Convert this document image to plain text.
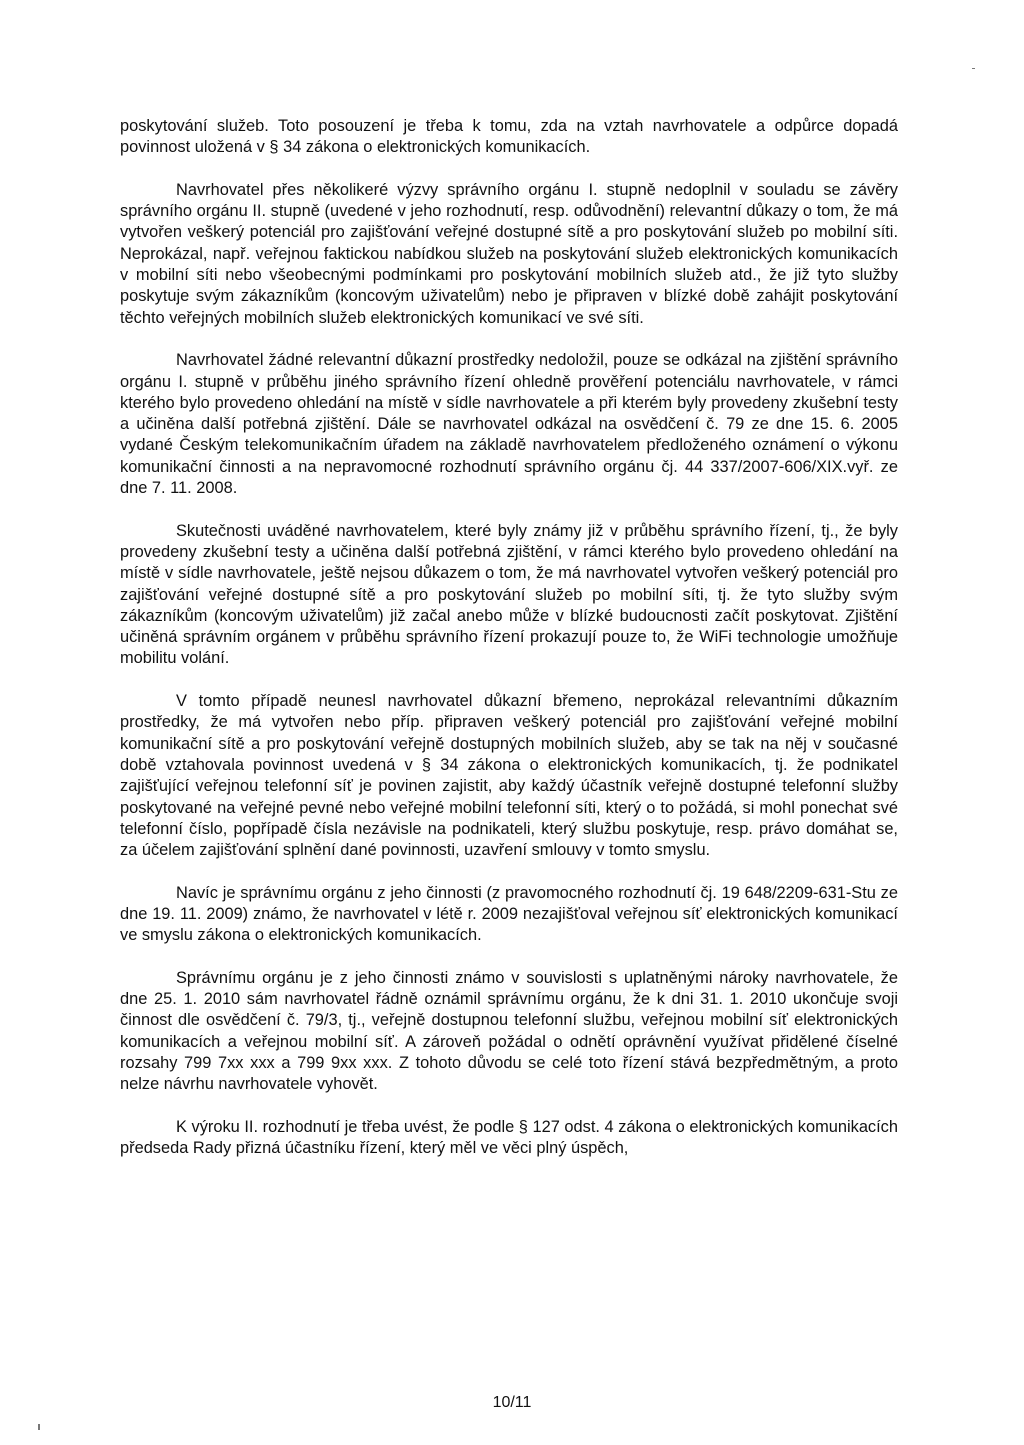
poskytování služeb. Toto posouzení je třeba k tomu, zda na vztah navrhovatele a odpůrce dopadá povinnost uložená v § 34 zákona o elektronických komunikacích.

Navrhovatel přes několikeré výzvy správního orgánu I. stupně nedoplnil v souladu se závěry správního orgánu II. stupně (uvedené v jeho rozhodnutí, resp. odůvodnění) relevantní důkazy o tom, že má vytvořen veškerý potenciál pro zajišťování veřejné dostupné sítě a pro poskytování služeb po mobilní síti. Neprokázal, např. veřejnou faktickou nabídkou služeb na poskytování služeb elektronických komunikacích v mobilní síti nebo všeobecnými podmínkami pro poskytování mobilních služeb atd., že již tyto služby poskytuje svým zákazníkům (koncovým uživatelům) nebo je připraven v blízké době zahájit poskytování těchto veřejných mobilních služeb elektronických komunikací ve své síti.

Navrhovatel žádné relevantní důkazní prostředky nedoložil, pouze se odkázal na zjištění správního orgánu I. stupně v průběhu jiného správního řízení ohledně prověření potenciálu navrhovatele, v rámci kterého bylo provedeno ohledání na místě v sídle navrhovatele a při kterém byly provedeny zkušební testy a učiněna další potřebná zjištění. Dále se navrhovatel odkázal na osvědčení č. 79 ze dne 15. 6. 2005 vydané Českým telekomunikačním úřadem na základě navrhovatelem předloženého oznámení o výkonu komunikační činnosti a na nepravomocné rozhodnutí správního orgánu čj. 44 337/2007-606/XIX.vyř. ze dne 7. 11. 2008.

Skutečnosti uváděné navrhovatelem, které byly známy již v průběhu správního řízení, tj., že byly provedeny zkušební testy a učiněna další potřebná zjištění, v rámci kterého bylo provedeno ohledání na místě v sídle navrhovatele, ještě nejsou důkazem o tom, že má navrhovatel vytvořen veškerý potenciál pro zajišťování veřejné dostupné sítě a pro poskytování služeb po mobilní síti, tj. že tyto služby svým zákazníkům (koncovým uživatelům) již začal anebo může v blízké budoucnosti začít poskytovat. Zjištění učiněná správním orgánem v průběhu správního řízení prokazují pouze to, že WiFi technologie umožňuje mobilitu volání.

V tomto případě neunesl navrhovatel důkazní břemeno, neprokázal relevantními důkazním prostředky, že má vytvořen nebo příp. připraven veškerý potenciál pro zajišťování veřejné mobilní komunikační sítě a pro poskytování veřejně dostupných mobilních služeb, aby se tak na něj v současné době vztahovala povinnost uvedená v § 34 zákona o elektronických komunikacích, tj. že podnikatel zajišťující veřejnou telefonní síť je povinen zajistit, aby každý účastník veřejně dostupné telefonní služby poskytované na veřejné pevné nebo veřejné mobilní telefonní síti, který o to požádá, si mohl ponechat své telefonní číslo, popřípadě čísla nezávisle na podnikateli, který službu poskytuje, resp. právo domáhat se, za účelem zajišťování splnění dané povinnosti, uzavření smlouvy v tomto smyslu.

Navíc je správnímu orgánu z jeho činnosti (z pravomocného rozhodnutí čj. 19 648/2209-631-Stu ze dne 19. 11. 2009) známo, že navrhovatel v létě r. 2009 nezajišťoval veřejnou síť elektronických komunikací ve smyslu zákona o elektronických komunikacích.

Správnímu orgánu je z jeho činnosti známo v souvislosti s uplatněnými nároky navrhovatele, že dne 25. 1. 2010 sám navrhovatel řádně oznámil správnímu orgánu, že k dni 31. 1. 2010 ukončuje svoji činnost dle osvědčení č. 79/3, tj., veřejně dostupnou telefonní službu, veřejnou mobilní síť elektronických komunikacích a veřejnou mobilní síť. A zároveň požádal o odnětí oprávnění využívat přidělené číselné rozsahy 799 7xx xxx a 799 9xx xxx. Z tohoto důvodu se celé toto řízení stává bezpředmětným, a proto nelze návrhu navrhovatele vyhovět.

K výroku II. rozhodnutí je třeba uvést, že podle § 127 odst. 4 zákona o elektronických komunikacích předseda Rady přizná účastníku řízení, který měl ve věci plný úspěch,

10/11
